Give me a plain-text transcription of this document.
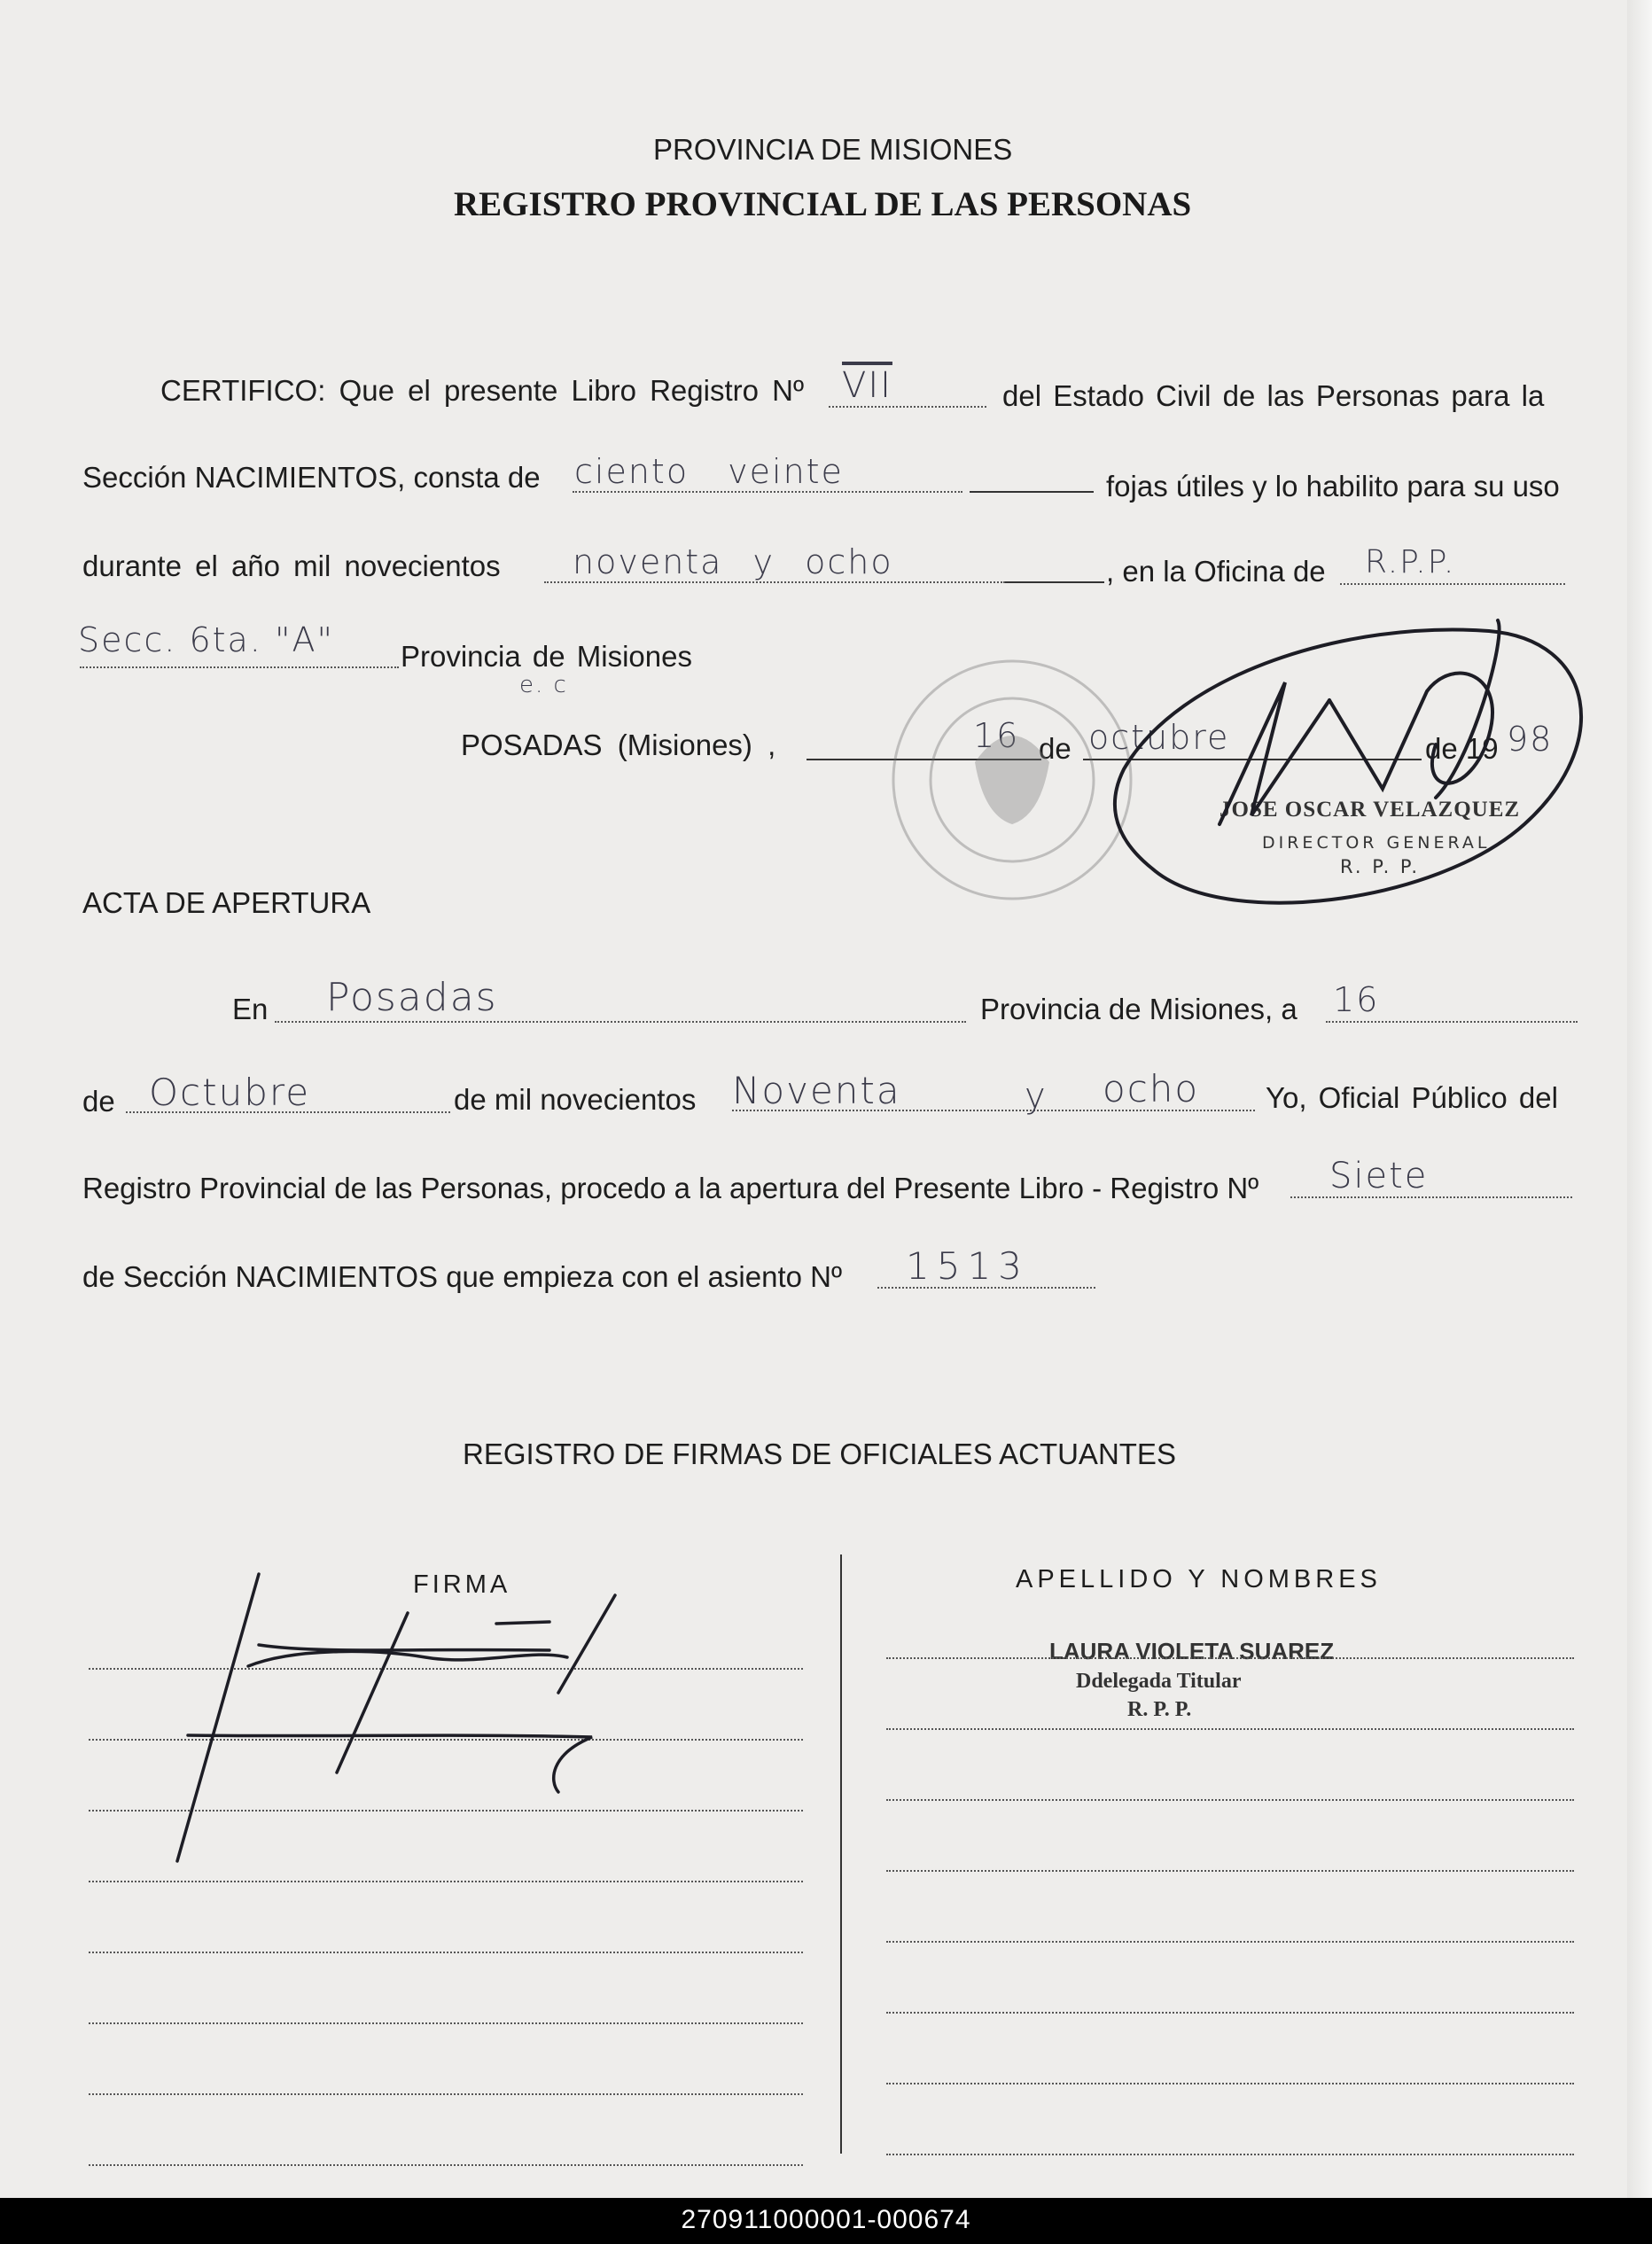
PROVINCIA DE MISIONES
REGISTRO PROVINCIAL DE LAS PERSONAS
CERTIFICO: Que el presente Libro Registro Nº $\overline{VII}$	del Estado Civil de las Personas para la
Sección NACIMIENTOS, consta de ciento veinte	fojas útiles y lo habilito para su uso
durante el año mil novecientos noventa y ocho	, en la Oficina de R.P.P.
Secc. 6ta. "A" Provincia de Misiones
e. c
POSADAS (Misiones) ,	16 de octubre	de 19 98
JOSE OSCAR VELAZQUEZ
DIRECTOR GENERAL
R. P. P.
ACTA DE APERTURA
En Posadas	Provincia de Misiones, a 16
de Octubre	de mil novecientos Noventa	y ocho Yo, Oficial Público del
Registro Provincial de las Personas, procedo a la apertura del Presente Libro - Registro Nº Siete
de Sección NACIMIENTOS que empieza con el asiento Nº 1513
REGISTRO DE FIRMAS DE OFICIALES ACTUANTES
FIRMA	APELLIDO Y NOMBRES
LAURA VIOLETA SUAREZ
Ddelegada Titular
R. P. P.
270911000001-000674
